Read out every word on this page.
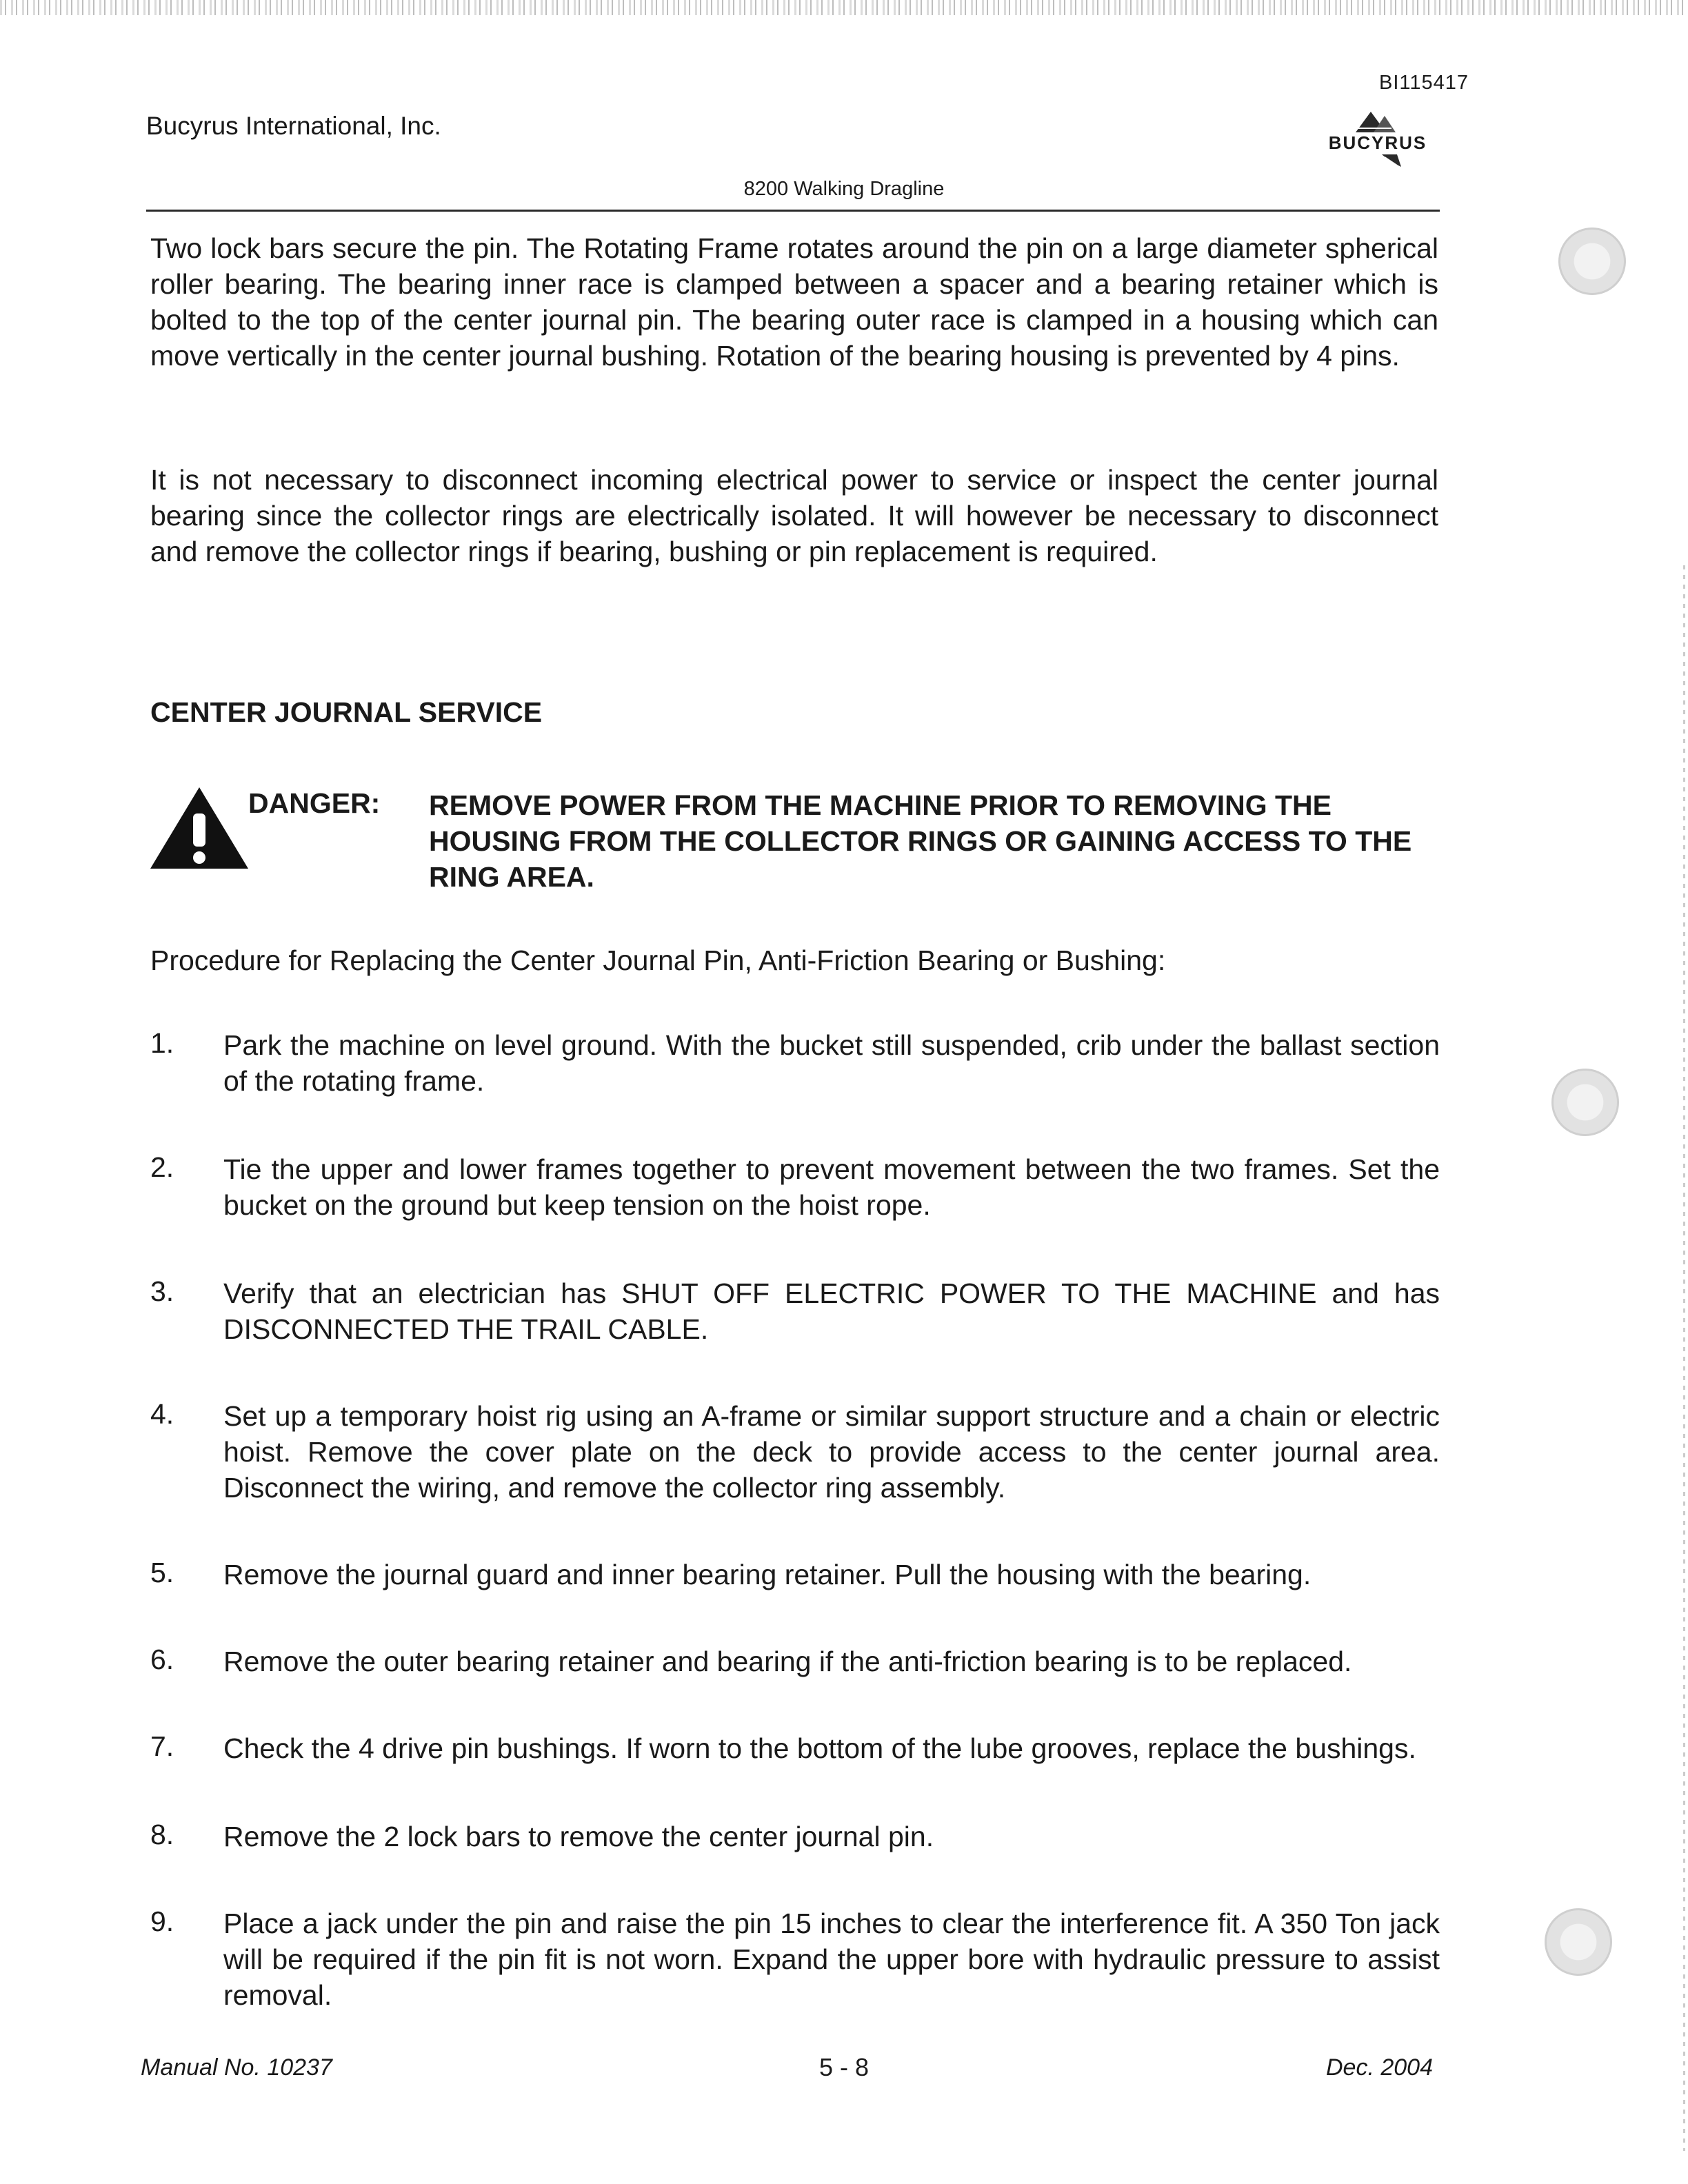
BI115417
Bucyrus International, Inc.
BUCYRUS
8200 Walking Dragline

Two lock bars secure the pin. The Rotating Frame rotates around the pin on a large diameter spherical roller bearing. The bearing inner race is clamped between a spacer and a bearing retainer which is bolted to the top of the center journal pin. The bearing outer race is clamped in a housing which can move vertically in the center journal bushing. Rotation of the bearing housing is prevented by 4 pins.

It is not necessary to disconnect incoming electrical power to service or inspect the center journal bearing since the collector rings are electrically isolated. It will however be necessary to disconnect and remove the collector rings if bearing, bushing or pin replacement is required.

CENTER JOURNAL SERVICE
DANGER: REMOVE POWER FROM THE MACHINE PRIOR TO REMOVING THE HOUSING FROM THE COLLECTOR RINGS OR GAINING ACCESS TO THE RING AREA.

Procedure for Replacing the Center Journal Pin, Anti-Friction Bearing or Bushing:

1. Park the machine on level ground. With the bucket still suspended, crib under the ballast section of the rotating frame.

2. Tie the upper and lower frames together to prevent movement between the two frames. Set the bucket on the ground but keep tension on the hoist rope.

3. Verify that an electrician has SHUT OFF ELECTRIC POWER TO THE MACHINE and has DISCONNECTED THE TRAIL CABLE.

4. Set up a temporary hoist rig using an A-frame or similar support structure and a chain or electric hoist. Remove the cover plate on the deck to provide access to the center journal area. Disconnect the wiring, and remove the collector ring assembly.

5. Remove the journal guard and inner bearing retainer. Pull the housing with the bearing.

6. Remove the outer bearing retainer and bearing if the anti-friction bearing is to be replaced.

7. Check the 4 drive pin bushings. If worn to the bottom of the lube grooves, replace the bushings.

8. Remove the 2 lock bars to remove the center journal pin.

9. Place a jack under the pin and raise the pin 15 inches to clear the interference fit. A 350 Ton jack will be required if the pin fit is not worn. Expand the upper bore with hydraulic pressure to assist removal.

Manual No. 10237	5 - 8	Dec. 2004
